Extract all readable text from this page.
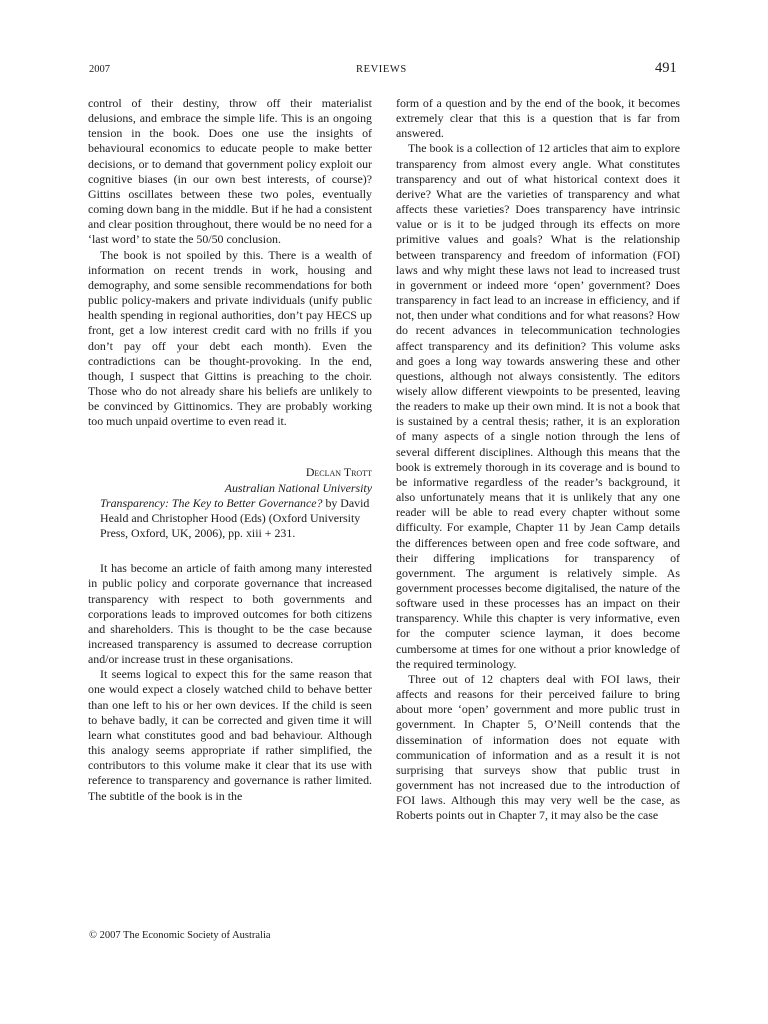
2007	REVIEWS	491

control of their destiny, throw off their materialist delusions, and embrace the simple life. This is an ongoing tension in the book. Does one use the insights of behavioural economics to educate people to make better decisions, or to demand that government policy exploit our cognitive biases (in our own best interests, of course)? Gittins oscillates between these two poles, eventually coming down bang in the middle. But if he had a consistent and clear position throughout, there would be no need for a ‘last word’ to state the 50/50 conclusion.

The book is not spoiled by this. There is a wealth of information on recent trends in work, housing and demography, and some sensible recommendations for both public policy-makers and private individuals (unify public health spending in regional authorities, don’t pay HECS up front, get a low interest credit card with no frills if you don’t pay off your debt each month). Even the contradictions can be thought-provoking. In the end, though, I suspect that Gittins is preaching to the choir. Those who do not already share his beliefs are unlikely to be convinced by Gittinomics. They are probably working too much unpaid overtime to even read it.

Declan Trott
Australian National University

Transparency: The Key to Better Governance? by David Heald and Christopher Hood (Eds) (Oxford University Press, Oxford, UK, 2006), pp. xiii + 231.

It has become an article of faith among many interested in public policy and corporate governance that increased transparency with respect to both governments and corporations leads to improved outcomes for both citizens and shareholders. This is thought to be the case because increased transparency is assumed to decrease corruption and/or increase trust in these organisations.

It seems logical to expect this for the same reason that one would expect a closely watched child to behave better than one left to his or her own devices. If the child is seen to behave badly, it can be corrected and given time it will learn what constitutes good and bad behaviour. Although this analogy seems appropriate if rather simplified, the contributors to this volume make it clear that its use with reference to transparency and governance is rather limited. The subtitle of the book is in the

form of a question and by the end of the book, it becomes extremely clear that this is a question that is far from answered.

The book is a collection of 12 articles that aim to explore transparency from almost every angle. What constitutes transparency and out of what historical context does it derive? What are the varieties of transparency and what affects these varieties? Does transparency have intrinsic value or is it to be judged through its effects on more primitive values and goals? What is the relationship between transparency and freedom of information (FOI) laws and why might these laws not lead to increased trust in government or indeed more ‘open’ government? Does transparency in fact lead to an increase in efficiency, and if not, then under what conditions and for what reasons? How do recent advances in telecommunication technologies affect transparency and its definition? This volume asks and goes a long way towards answering these and other questions, although not always consistently. The editors wisely allow different viewpoints to be presented, leaving the readers to make up their own mind. It is not a book that is sustained by a central thesis; rather, it is an exploration of many aspects of a single notion through the lens of several different disciplines. Although this means that the book is extremely thorough in its coverage and is bound to be informative regardless of the reader’s background, it also unfortunately means that it is unlikely that any one reader will be able to read every chapter without some difficulty. For example, Chapter 11 by Jean Camp details the differences between open and free code software, and their differing implications for transparency of government. The argument is relatively simple. As government processes become digitalised, the nature of the software used in these processes has an impact on their transparency. While this chapter is very informative, even for the computer science layman, it does become cumbersome at times for one without a prior knowledge of the required terminology.

Three out of 12 chapters deal with FOI laws, their affects and reasons for their perceived failure to bring about more ‘open’ government and more public trust in government. In Chapter 5, O’Neill contends that the dissemination of information does not equate with communication of information and as a result it is not surprising that surveys show that public trust in government has not increased due to the introduction of FOI laws. Although this may very well be the case, as Roberts points out in Chapter 7, it may also be the case

© 2007 The Economic Society of Australia
